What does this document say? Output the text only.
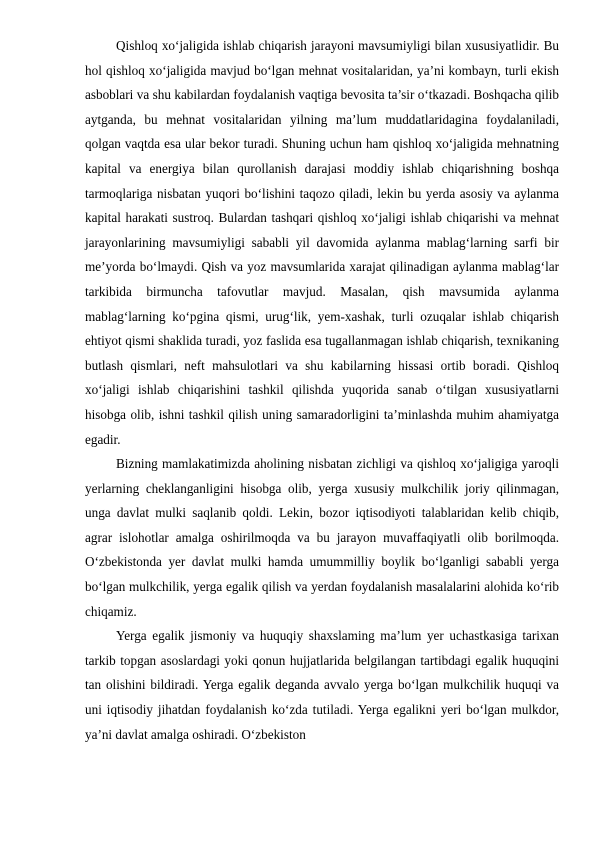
Qishloq xo‘jaligida ishlab chiqarish jarayoni mavsumiyligi bilan xususiyatlidir. Bu hol qishloq xo‘jaligida mavjud bo‘lgan mehnat vositalaridan, ya’ni kombayn, turli ekish asboblari va shu kabilardan foydalanish vaqtiga bevosita ta’sir o‘tkazadi. Boshqacha qilib aytganda, bu mehnat vositalaridan yilning ma’lum muddatlaridagina foydalaniladi, qolgan vaqtda esa ular bekor turadi. Shuning uchun ham qishloq xo‘jaligida mehnatning kapital va energiya bilan qurollanish darajasi moddiy ishlab chiqarishning boshqa tarmoqlariga nisbatan yuqori bo‘lishini taqozo qiladi, lekin bu yerda asosiy va aylanma kapital harakati sustroq. Bulardan tashqari qishloq xo‘jaligi ishlab chiqarishi va mehnat jarayonlarining mavsumiyligi sababli yil davomida aylanma mablag‘larning sarfi bir me’yorda bo‘lmaydi. Qish va yoz mavsumlarida xarajat qilinadigan aylanma mablag‘lar tarkibida birmuncha tafovutlar mavjud. Masalan, qish mavsumida aylanma mablag‘larning ko‘pgina qismi, urug‘lik, yem-xashak, turli ozuqalar ishlab chiqarish ehtiyot qismi shaklida turadi, yoz faslida esa tugallanmagan ishlab chiqarish, texnikaning butlash qismlari, neft mahsulotlari va shu kabilarning hissasi ortib boradi. Qishloq xo‘jaligi ishlab chiqarishini tashkil qilishda yuqorida sanab o‘tilgan xususiyatlarni hisobga olib, ishni tashkil qilish uning samaradorligini ta’minlashda muhim ahamiyatga egadir.

Bizning mamlakatimizda aholining nisbatan zichligi va qishloq xo‘jaligiga yaroqli yerlarning cheklanganligini hisobga olib, yerga xususiy mulkchilik joriy qilinmagan, unga davlat mulki saqlanib qoldi. Lekin, bozor iqtisodiyoti talablaridan kelib chiqib, agrar islohotlar amalga oshirilmoqda va bu jarayon muvaffaqiyatli olib borilmoqda. O‘zbekistonda yer davlat mulki hamda umummilliy boylik bo‘lganligi sababli yerga bo‘lgan mulkchilik, yerga egalik qilish va yerdan foydalanish masalalarini alohida ko‘rib chiqamiz.

Yerga egalik jismoniy va huquqiy shaxslaming ma’lum yer uchastkasiga tarixan tarkib topgan asoslardagi yoki qonun hujjatlarida belgilangan tartibdagi egalik huquqini tan olishini bildiradi. Yerga egalik deganda avvalo yerga bo‘lgan mulkchilik huquqi va uni iqtisodiy jihatdan foydalanish ko‘zda tutiladi. Yerga egalikni yeri bo‘lgan mulkdor, ya’ni davlat amalga oshiradi. O‘zbekiston
